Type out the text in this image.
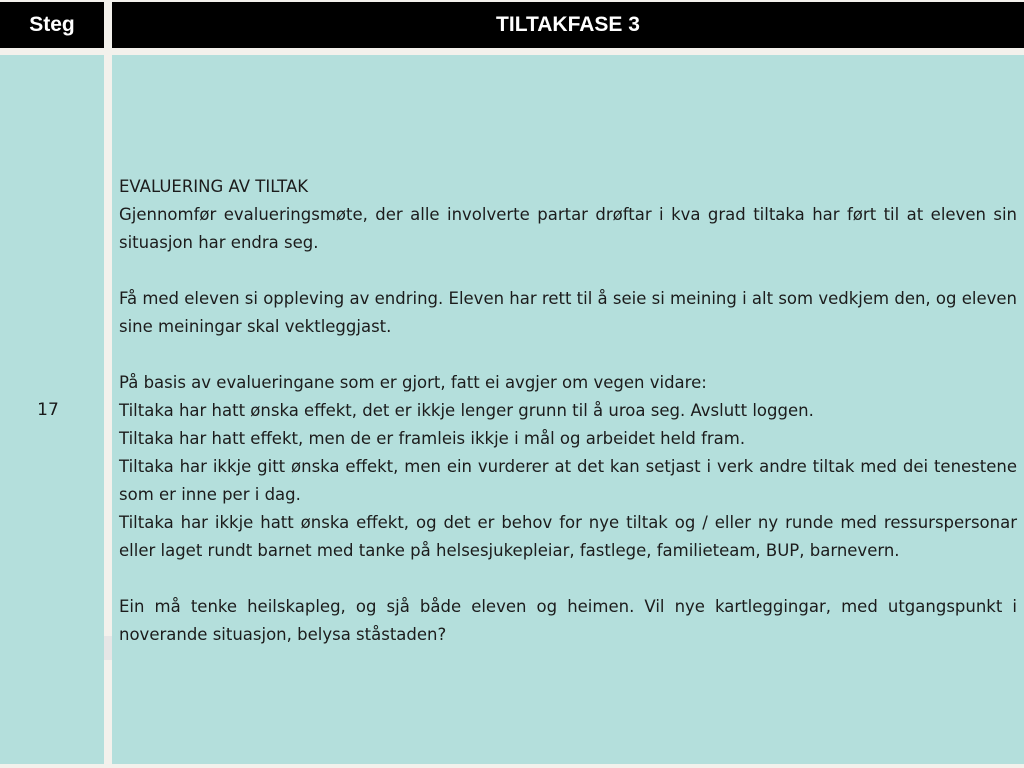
Steg	TILTAKFASE 3
17

EVALUERING AV TILTAK

Gjennomfør evalueringsmøte, der alle involverte partar drøftar i kva grad tiltaka har ført til at eleven sin situasjon har endra seg.

Få med eleven si oppleving av endring. Eleven har rett til å seie si meining i alt som vedkjem den, og eleven sine meiningar skal vektleggjast.

På basis av evalueringane som er gjort, fatt ei avgjer om vegen vidare:

Tiltaka har hatt ønska effekt, det er ikkje lenger grunn til å uroa seg. Avslutt loggen.

Tiltaka har hatt effekt, men de er framleis ikkje i mål og arbeidet held fram.

Tiltaka har ikkje gitt ønska effekt, men ein vurderer at det kan setjast i verk andre tiltak med dei tenestene som er inne per i dag.

Tiltaka har ikkje hatt ønska effekt, og det er behov for nye tiltak og / eller ny runde med ressurspersonar eller laget rundt barnet med tanke på helsesjukepleiar, fastlege, familieteam, BUP, barnevern.

Ein må tenke heilskapleg, og sjå både eleven og heimen. Vil nye kartleggingar, med utgangspunkt i noverande situasjon, belysa ståstaden?
